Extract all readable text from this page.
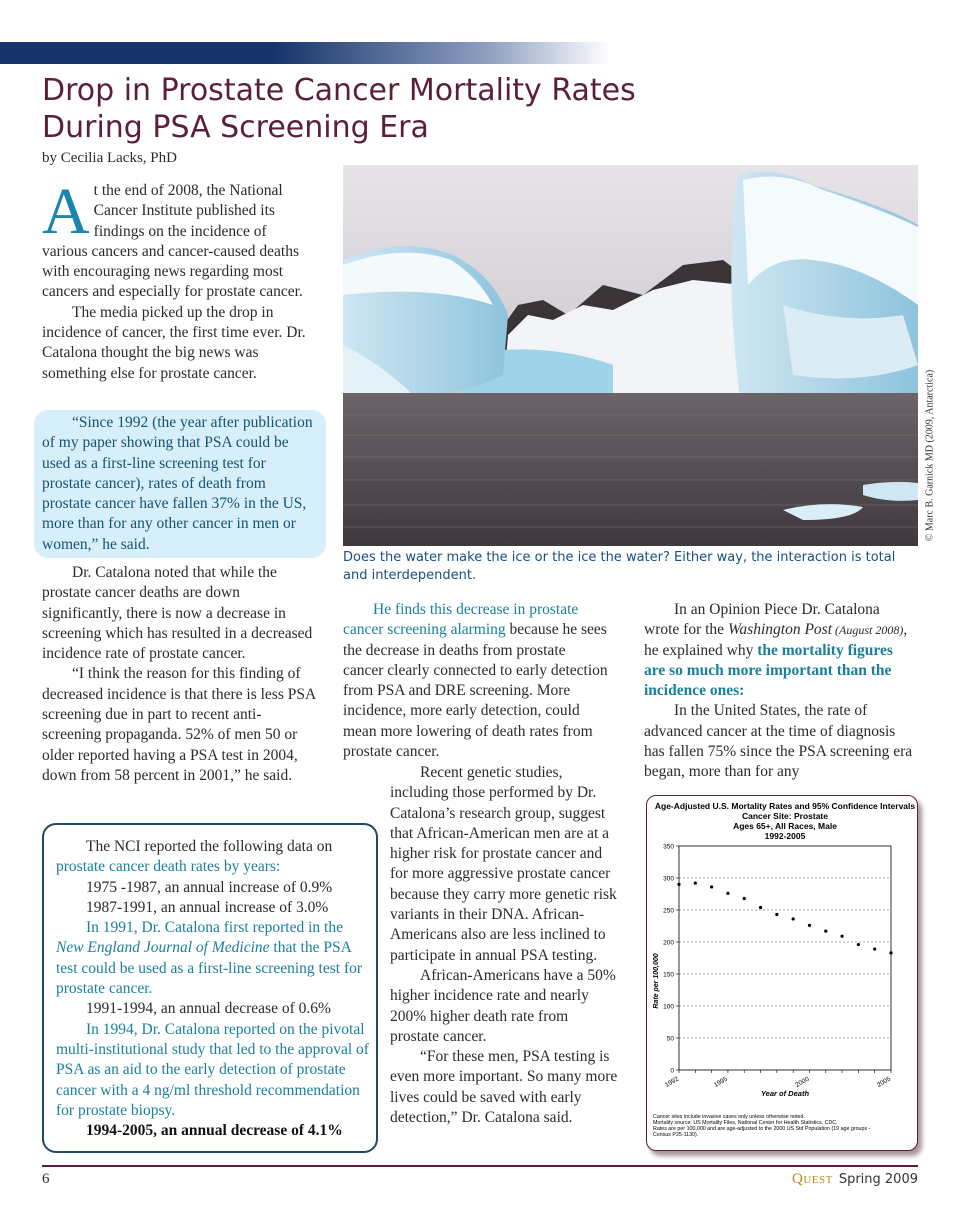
Drop in Prostate Cancer Mortality Rates During PSA Screening Era

by Cecilia Lacks, PhD

At the end of 2008, the National Cancer Institute published its findings on the incidence of various cancers and cancer-caused deaths with encouraging news regarding most cancers and especially for prostate cancer.

The media picked up the drop in incidence of cancer, the first time ever. Dr. Catalona thought the big news was something else for prostate cancer.

“Since 1992 (the year after publication of my paper showing that PSA could be used as a first-line screening test for prostate cancer), rates of death from prostate cancer have fallen 37% in the US, more than for any other cancer in men or women,” he said.

Dr. Catalona noted that while the prostate cancer deaths are down significantly, there is now a decrease in screening which has resulted in a decreased incidence rate of prostate cancer.

“I think the reason for this finding of decreased incidence is that there is less PSA screening due in part to recent anti-screening propaganda. 52% of men 50 or older reported having a PSA test in 2004, down from 58 percent in 2001,” he said.

Does the water make the ice or the ice the water? Either way, the interaction is total and interdependent.

© Marc B. Garnick MD (2009, Antarctica)

The NCI reported the following data on prostate cancer death rates by years:

1975 -1987, an annual increase of 0.9%

1987-1991, an annual increase of 3.0%

In 1991, Dr. Catalona first reported in the New England Journal of Medicine that the PSA test could be used as a first-line screening test for prostate cancer.

1991-1994, an annual decrease of 0.6%

In 1994, Dr. Catalona reported on the pivotal multi-institutional study that led to the approval of PSA as an aid to the early detection of prostate cancer with a 4 ng/ml threshold recommendation for prostate biopsy.

1994-2005, an annual decrease of 4.1%

He finds this decrease in prostate cancer screening alarming because he sees the decrease in deaths from prostate cancer clearly connected to early detection from PSA and DRE screening. More incidence, more early detection, could mean more lowering of death rates from prostate cancer.

Recent genetic studies, including those performed by Dr. Catalona’s research group, suggest that African-American men are at a higher risk for prostate cancer and for more aggressive prostate cancer because they carry more genetic risk variants in their DNA. African-Americans also are less inclined to participate in annual PSA testing.

African-Americans have a 50% higher incidence rate and nearly 200% higher death rate from prostate cancer.

“For these men, PSA testing is even more important. So many more lives could be saved with early detection,” Dr. Catalona said.

In an Opinion Piece Dr. Catalona wrote for the Washington Post (August 2008), he explained why the mortality figures are so much more important than the incidence ones:

In the United States, the rate of advanced cancer at the time of diagnosis has fallen 75% since the PSA screening era began, more than for any

Age-Adjusted U.S. Mortality Rates and 95% Confidence Intervals
Cancer Site: Prostate
Ages 65+, All Races, Male
1992-2005
0
50
100
150
200
250
300
350
1992	1995	2000	2005
Year of Death
Rate per 100,000
Cancer sites include invasive cases only unless otherwise noted.
Mortality source: US Mortality Files, National Center for Health Statistics, CDC.
Rates are per 100,000 and are age-adjusted to the 2000 US Std Population (19 age groups -
Census P25-1130).

6	Quest Spring 2009
